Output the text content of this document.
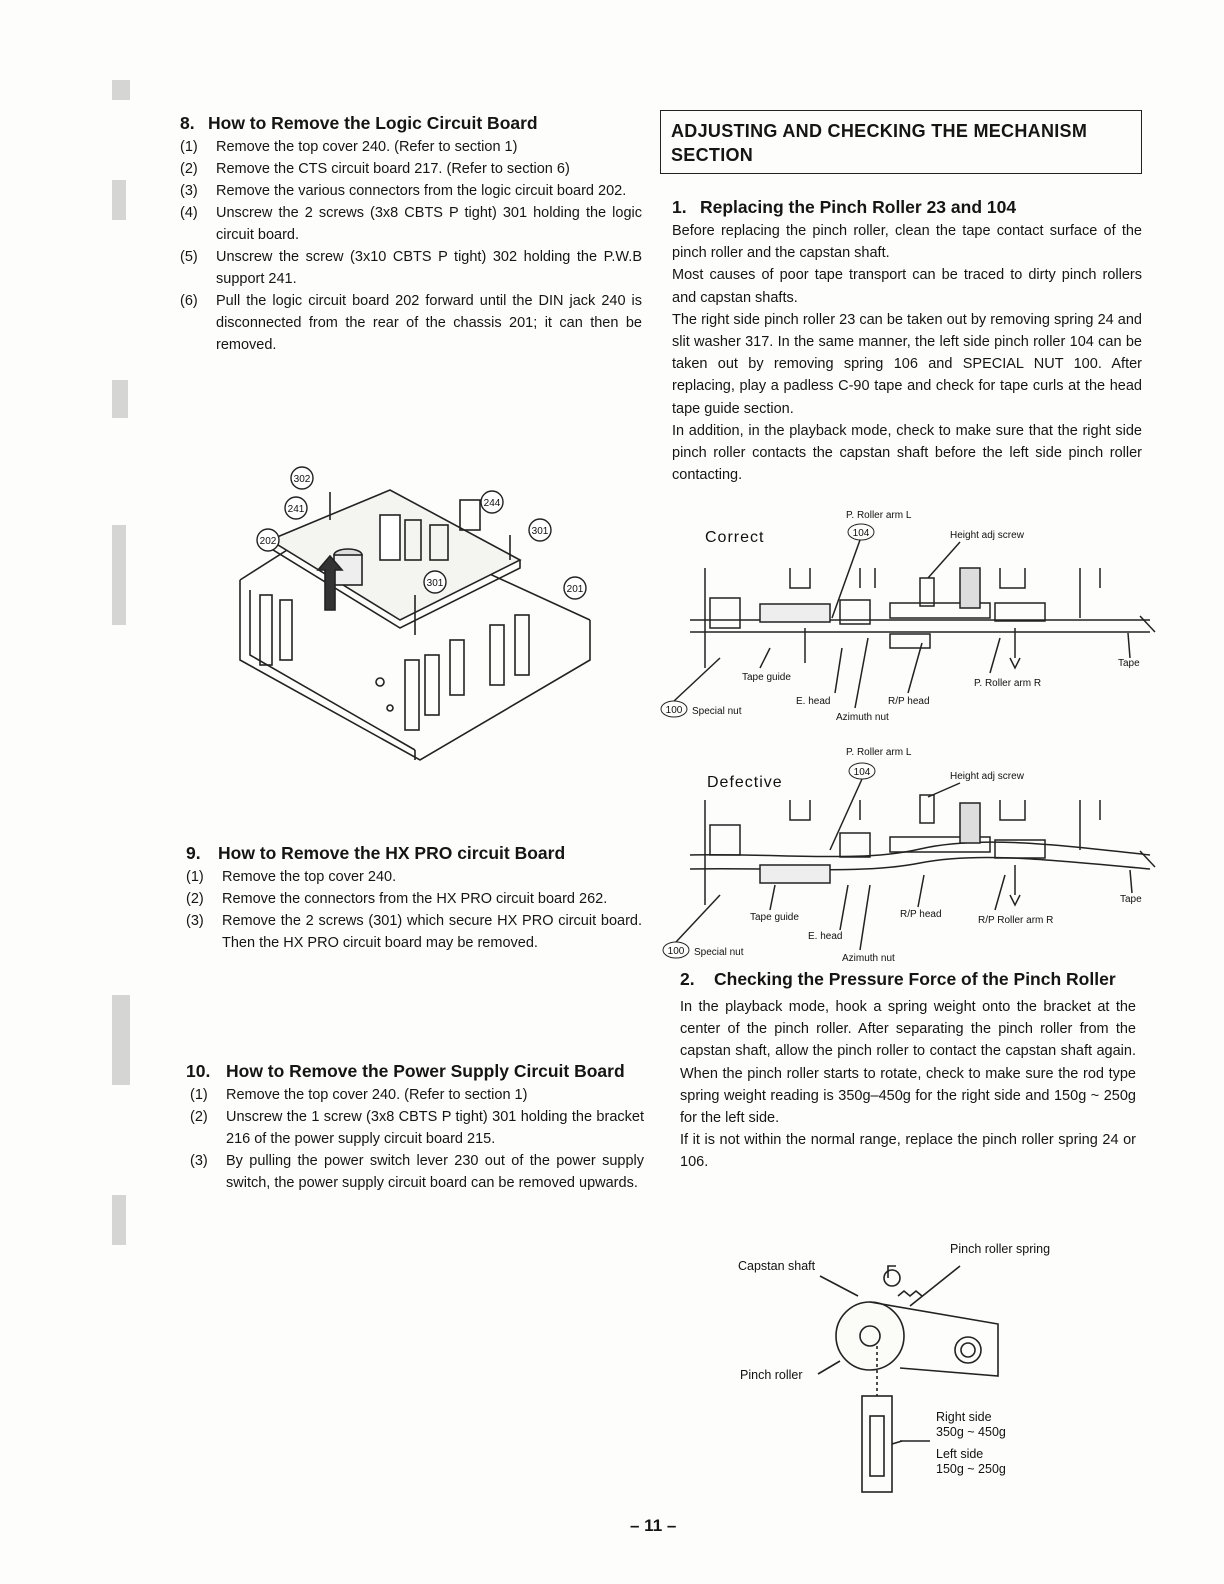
8. How to Remove the Logic Circuit Board
(1)	Remove the top cover 240. (Refer to section 1)
(2)	Remove the CTS circuit board 217. (Refer to section 6)
(3)	Remove the various connectors from the logic circuit board 202.
(4)	Unscrew the 2 screws (3x8 CBTS P tight) 301 holding the logic circuit board.
(5)	Unscrew the screw (3x10 CBTS P tight) 302 holding the P.W.B support 241.
(6)	Pull the logic circuit board 202 forward until the DIN jack 240 is disconnected from the rear of the chassis 201; it can then be removed.
302
241
202
244
301
301
201
9. How to Remove the HX PRO circuit Board
(1)	Remove the top cover 240.
(2)	Remove the connectors from the HX PRO circuit board 262.
(3)	Remove the 2 screws (301) which secure HX PRO circuit board. Then the HX PRO circuit board may be removed.
10. How to Remove the Power Supply Circuit Board
(1)	Remove the top cover 240. (Refer to section 1)
(2)	Unscrew the 1 screw (3x8 CBTS P tight) 301 holding the bracket 216 of the power supply circuit board 215.
(3)	By pulling the power switch lever 230 out of the power supply switch, the power supply circuit board can be removed upwards.
ADJUSTING AND CHECKING THE MECHANISM SECTION
1. Replacing the Pinch Roller 23 and 104

Before replacing the pinch roller, clean the tape contact surface of the pinch roller and the capstan shaft.

Most causes of poor tape transport can be traced to dirty pinch rollers and capstan shafts.

The right side pinch roller 23 can be taken out by removing spring 24 and slit washer 317. In the same manner, the left side pinch roller 104 can be taken out by removing spring 106 and SPECIAL NUT 100. After replacing, play a padless C-90 tape and check for tape curls at the head tape guide section.

In addition, in the playback mode, check to make sure that the right side pinch roller contacts the capstan shaft before the left side pinch roller contacting.

Correct
P. Roller arm L
104	Height adj screw
Tape guide
Tape
P. Roller arm R
100 Special nut
E. head	R/P head
Azimuth nut
Defective
P. Roller arm L
104	Height adj screw
Tape guide
Tape
R/P head
R/P Roller arm R
E. head
100 Special nut
Azimuth nut
2.	Checking the Pressure Force of the Pinch Roller

In the playback mode, hook a spring weight onto the bracket at the center of the pinch roller. After separating the pinch roller from the capstan shaft, allow the pinch roller to contact the capstan shaft again. When the pinch roller starts to rotate, check to make sure the rod type spring weight reading is 350g–450g for the right side and 150g ~ 250g for the left side.

If it is not within the normal range, replace the pinch roller spring 24 or 106.

Pinch roller spring
Capstan shaft
Pinch roller
Right side
350g ~ 450g
Left side
150g ~ 250g
– 11 –
